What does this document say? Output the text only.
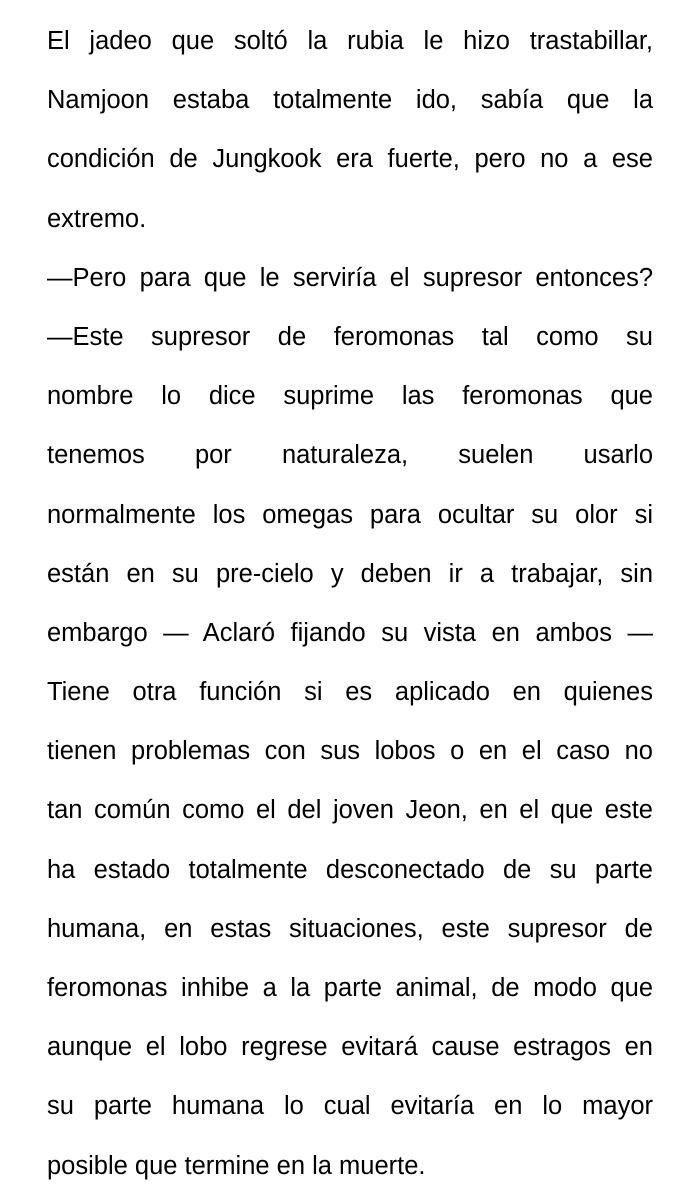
El jadeo que soltó la rubia le hizo trastabillar,
Namjoon estaba totalmente ido, sabía que la
condición de Jungkook era fuerte, pero no a ese
extremo.
—Pero para que le serviría el supresor entonces?
—Este supresor de feromonas tal como su
nombre lo dice suprime las feromonas que
tenemos por naturaleza, suelen usarlo
normalmente los omegas para ocultar su olor si
están en su pre-cielo y deben ir a trabajar, sin
embargo — Aclaró fijando su vista en ambos —
Tiene otra función si es aplicado en quienes
tienen problemas con sus lobos o en el caso no
tan común como el del joven Jeon, en el que este
ha estado totalmente desconectado de su parte
humana, en estas situaciones, este supresor de
feromonas inhibe a la parte animal, de modo que
aunque el lobo regrese evitará cause estragos en
su parte humana lo cual evitaría en lo mayor
posible que termine en la muerte.
